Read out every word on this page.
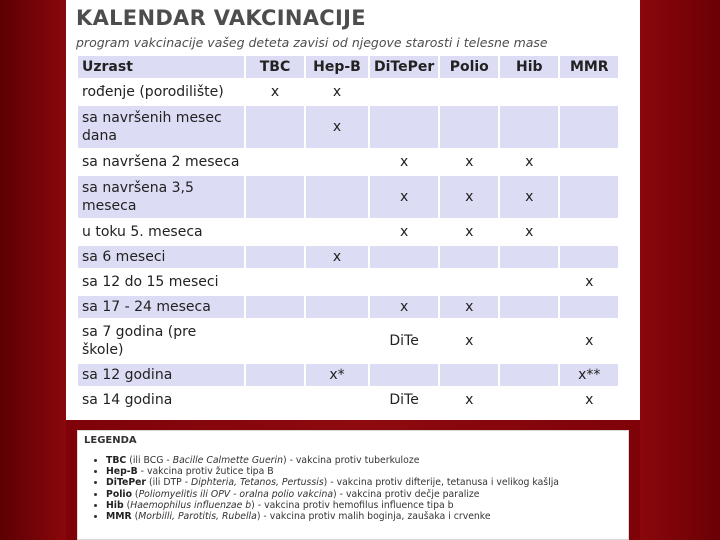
KALENDAR VAKCINACIJE
program vakcinacije vašeg deteta zavisi od njegove starosti i telesne mase
Uzrast	TBC	Hep-B	DiTePer	Polio	Hib	MMR
rođenje (porodilište)	x	x				
sa navršenih mesec dana		x				
sa navršena 2 meseca			x	x	x	
sa navršena 3,5 meseca			x	x	x	
u toku 5. meseca			x	x	x	
sa 6 meseci		x				
sa 12 do 15 meseci						x
sa 17 - 24 meseca			x	x		
sa 7 godina (pre škole)			DiTe	x		x
sa 12 godina		x*				x**
sa 14 godina			DiTe	x		x
LEGENDA
• TBC (ili BCG - Bacille Calmette Guerin) - vakcina protiv tuberkuloze
• Hep-B - vakcina protiv žutice tipa B
• DiTePer (ili DTP - Diphteria, Tetanos, Pertussis) - vakcina protiv difterije, tetanusa i velikog kašlja
• Polio (Poliomyelitis ili OPV - oralna polio vakcina) - vakcina protiv dečje paralize
• Hib (Haemophilus influenzae b) - vakcina protiv hemofilus influence tipa b
• MMR (Morbilli, Parotitis, Rubella) - vakcina protiv malih boginja, zaušaka i crvenke
